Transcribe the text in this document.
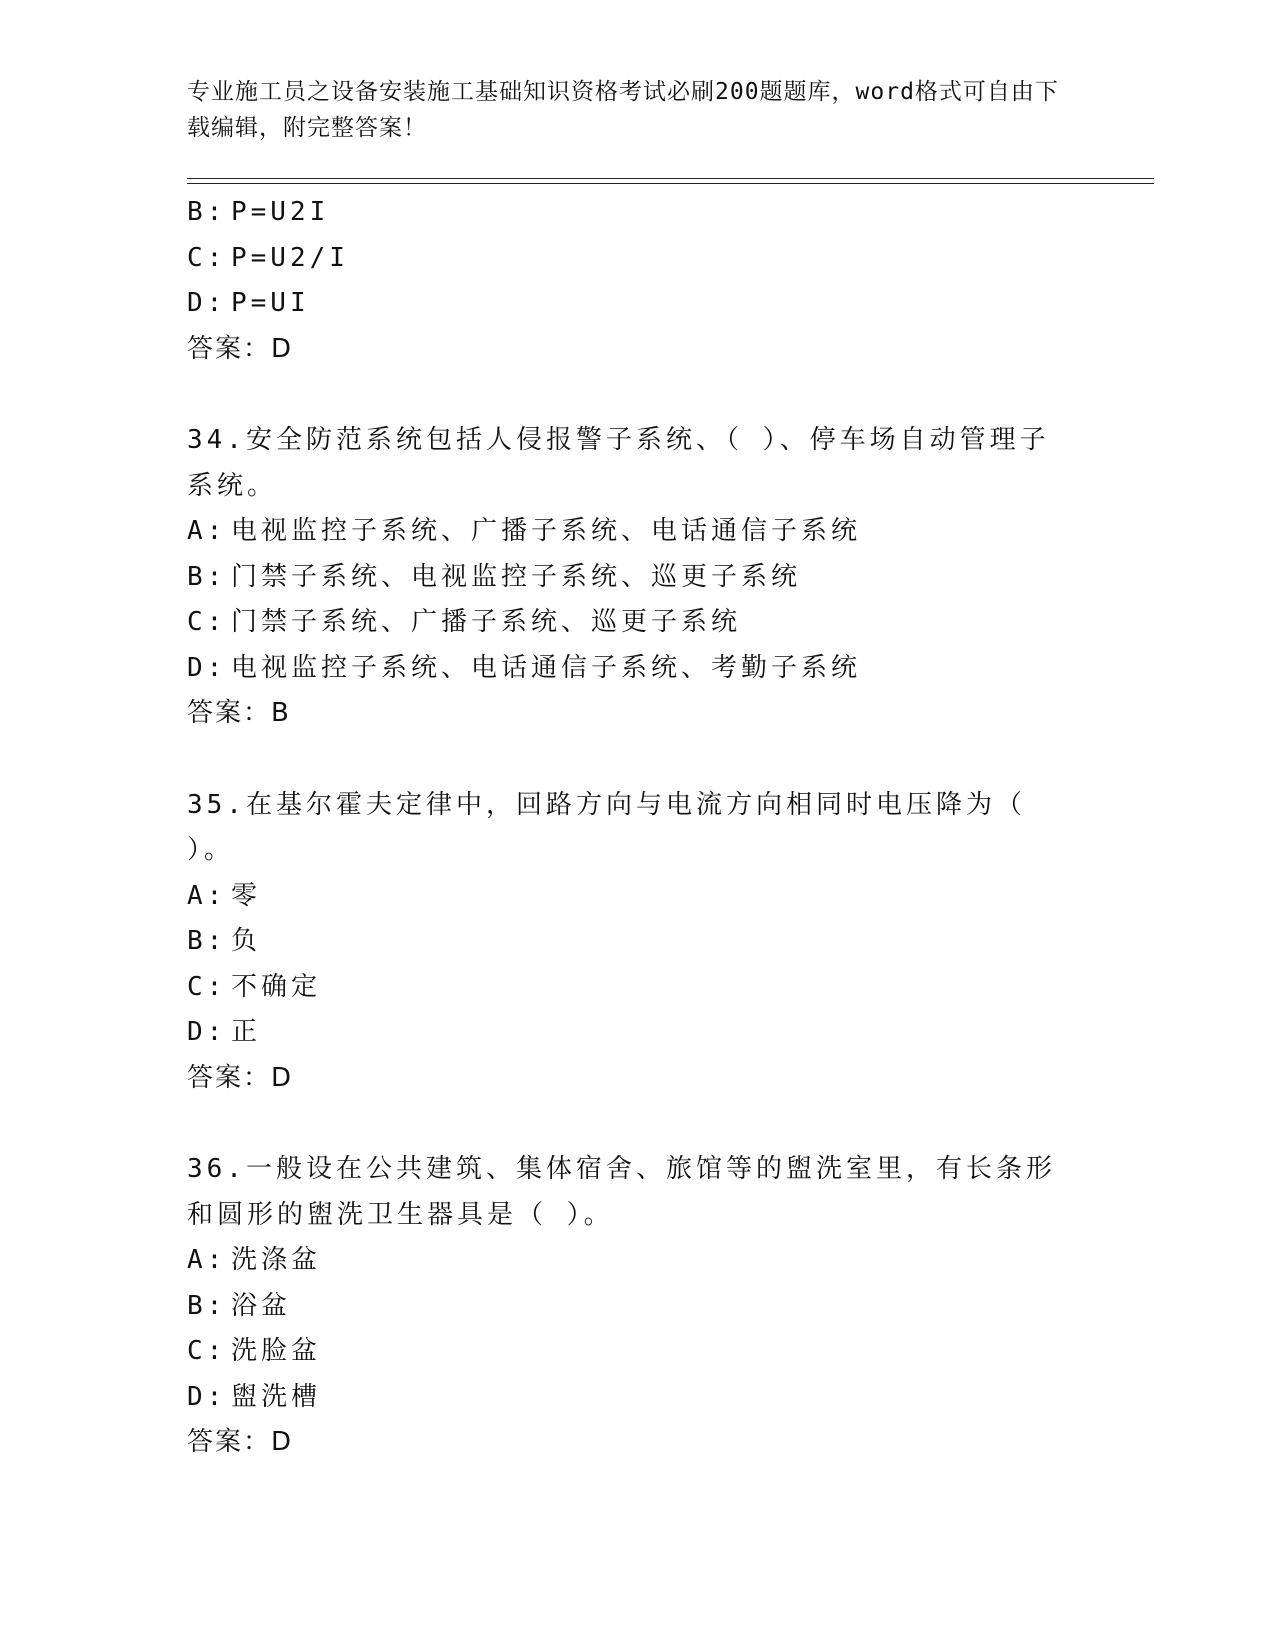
专业施工员之设备安装施工基础知识资格考试必刷200题题库，word格式可自由下载编辑，附完整答案！
B: P=U2I
C: P=U2/I
D: P=UI
答案：D
34.安全防范系统包括人侵报警子系统、（ ）、停车场自动管理子系统。
A: 电视监控子系统、广播子系统、电话通信子系统
B: 门禁子系统、电视监控子系统、巡更子系统
C: 门禁子系统、广播子系统、巡更子系统
D: 电视监控子系统、电话通信子系统、考勤子系统
答案：B
35.在基尔霍夫定律中，回路方向与电流方向相同时电压降为（ ）。
A: 零
B: 负
C: 不确定
D: 正
答案：D
36.一般设在公共建筑、集体宿舍、旅馆等的盥洗室里，有长条形和圆形的盥洗卫生器具是（ ）。
A: 洗涤盆
B: 浴盆
C: 洗脸盆
D: 盥洗槽
答案：D
